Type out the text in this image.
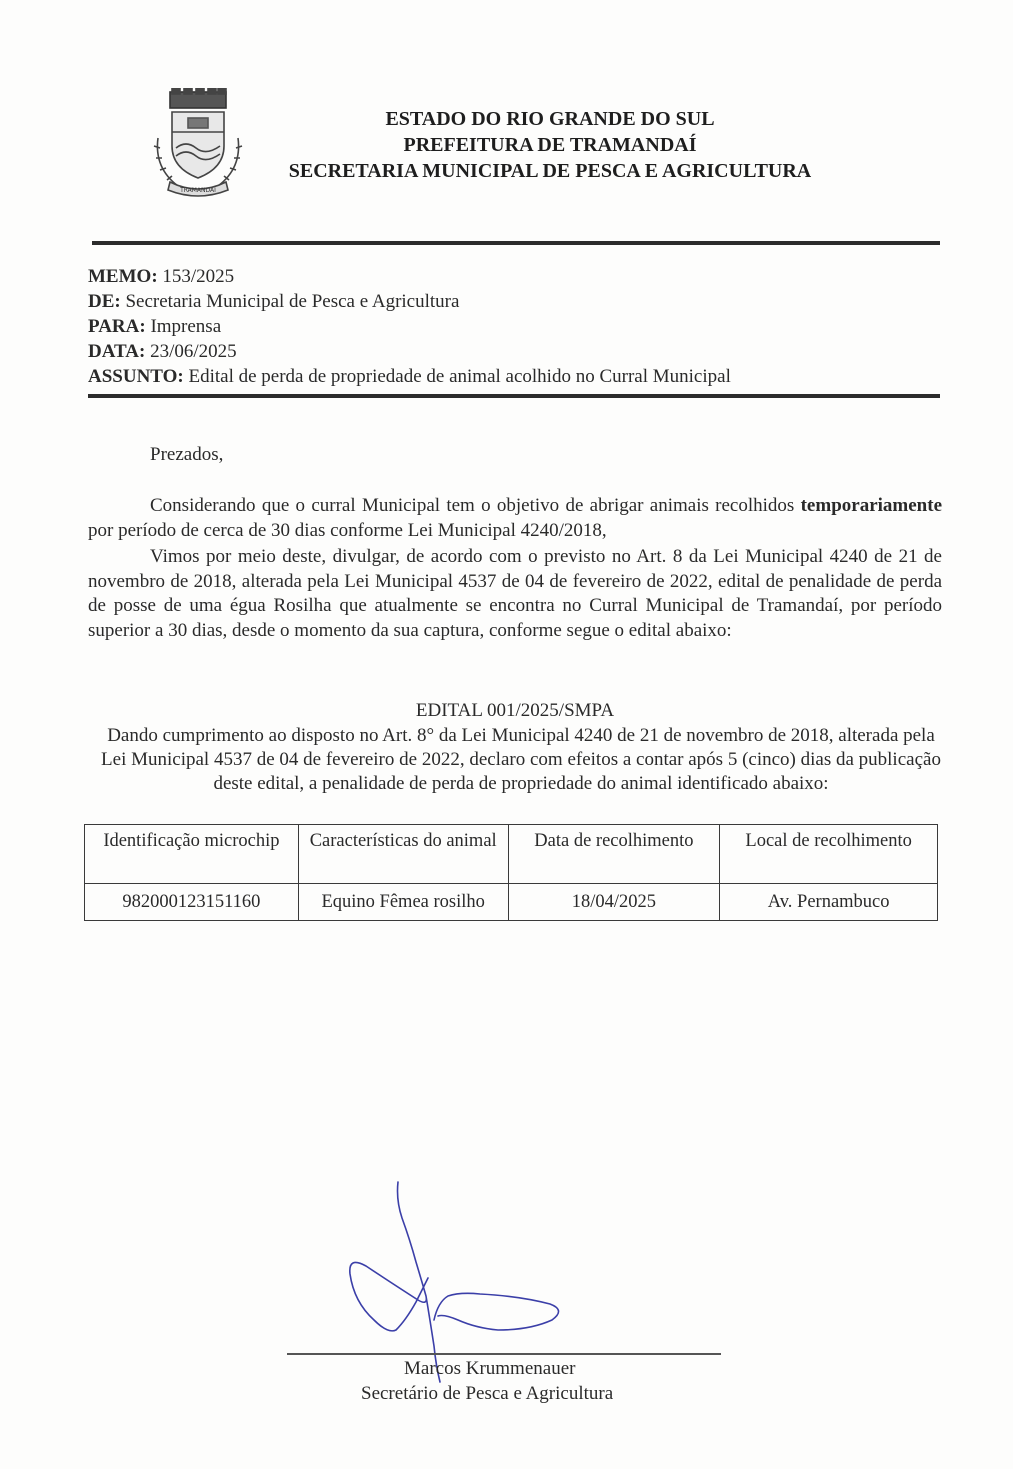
TRAMANDAÍ
ESTADO DO RIO GRANDE DO SUL
PREFEITURA DE TRAMANDAÍ
SECRETARIA MUNICIPAL DE PESCA E AGRICULTURA
MEMO: 153/2025
DE: Secretaria Municipal de Pesca e Agricultura
PARA: Imprensa
DATA: 23/06/2025
ASSUNTO: Edital de perda de propriedade de animal acolhido no Curral Municipal
Prezados,
Considerando que o curral Municipal tem o objetivo de abrigar animais recolhidos temporariamente por período de cerca de 30 dias conforme Lei Municipal 4240/2018,
Vimos por meio deste, divulgar, de acordo com o previsto no Art. 8 da Lei Municipal 4240 de 21 de novembro de 2018, alterada pela Lei Municipal 4537 de 04 de fevereiro de 2022, edital de penalidade de perda de posse de uma égua Rosilha que atualmente se encontra no Curral Municipal de Tramandaí, por período superior a 30 dias, desde o momento da sua captura, conforme segue o edital abaixo:
EDITAL 001/2025/SMPA
Dando cumprimento ao disposto no Art. 8° da Lei Municipal 4240 de 21 de novembro de 2018, alterada pela Lei Municipal 4537 de 04 de fevereiro de 2022, declaro com efeitos a contar após 5 (cinco) dias da publicação deste edital, a penalidade de perda de propriedade do animal identificado abaixo:
Identificação microchip	Características do animal	Data de recolhimento	Local de recolhimento
982000123151160	Equino Fêmea rosilho	18/04/2025	Av. Pernambuco
Marcos Krummenauer
Secretário de Pesca e Agricultura
